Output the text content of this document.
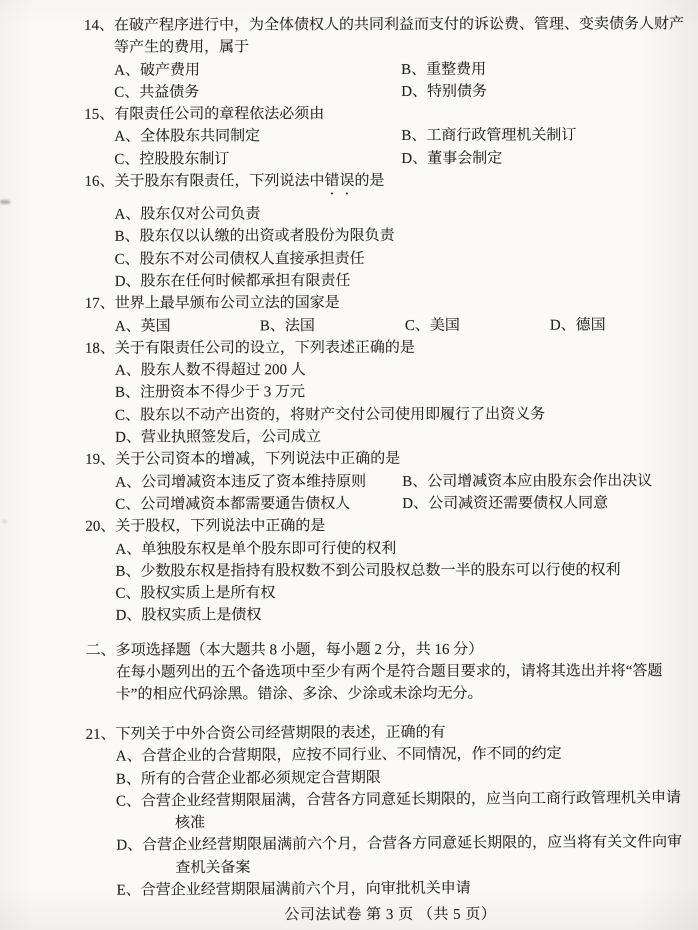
14、 在破产程序进行中，为全体债权人的共同利益而支付的诉讼费、管理、变卖债务人财产
等产生的费用，属于
A、破产费用	B、重整费用
C、共益债务	D、特别债务
15、 有限责任公司的章程依法必须由
A、全体股东共同制定	B、工商行政管理机关制订
C、控股股东制订	D、董事会制定
16、 关于股东有限责任，下列说法中错误的是
A、股东仅对公司负责
B、股东仅以认缴的出资或者股份为限负责
C、股东不对公司债权人直接承担责任
D、股东在任何时候都承担有限责任
17、 世界上最早颁布公司立法的国家是
A、英国	B、法国	C、美国	D、德国
18、 关于有限责任公司的设立，下列表述正确的是
A、股东人数不得超过 200 人
B、注册资本不得少于 3 万元
C、股东以不动产出资的，将财产交付公司使用即履行了出资义务
D、营业执照签发后，公司成立
19、 关于公司资本的增减，下列说法中正确的是
A、公司增减资本违反了资本维持原则	B、公司增减资本应由股东会作出决议
C、公司增减资本都需要通告债权人	D、公司减资还需要债权人同意
20、 关于股权，下列说法中正确的是
A、单独股东权是单个股东即可行使的权利
B、少数股东权是指持有股权数不到公司股权总数一半的股东可以行使的权利
C、股权实质上是所有权
D、股权实质上是债权
二、 多项选择题（本大题共 8 小题，每小题 2 分，共 16 分）
在每小题列出的五个备选项中至少有两个是符合题目要求的，请将其选出并将“答题
卡”的相应代码涂黑。错涂、多涂、少涂或未涂均无分。
21、 下列关于中外合资公司经营期限的表述，正确的有
A、合营企业的合营期限，应按不同行业、不同情况，作不同的约定
B、所有的合营企业都必须规定合营期限
C、合营企业经营期限届满，合营各方同意延长期限的，应当向工商行政管理机关申请
核准
D、合营企业经营期限届满前六个月，合营各方同意延长期限的，应当将有关文件向审
查机关备案
E、合营企业经营期限届满前六个月，向审批机关申请
公司法试卷 第 3 页 （共 5 页）
